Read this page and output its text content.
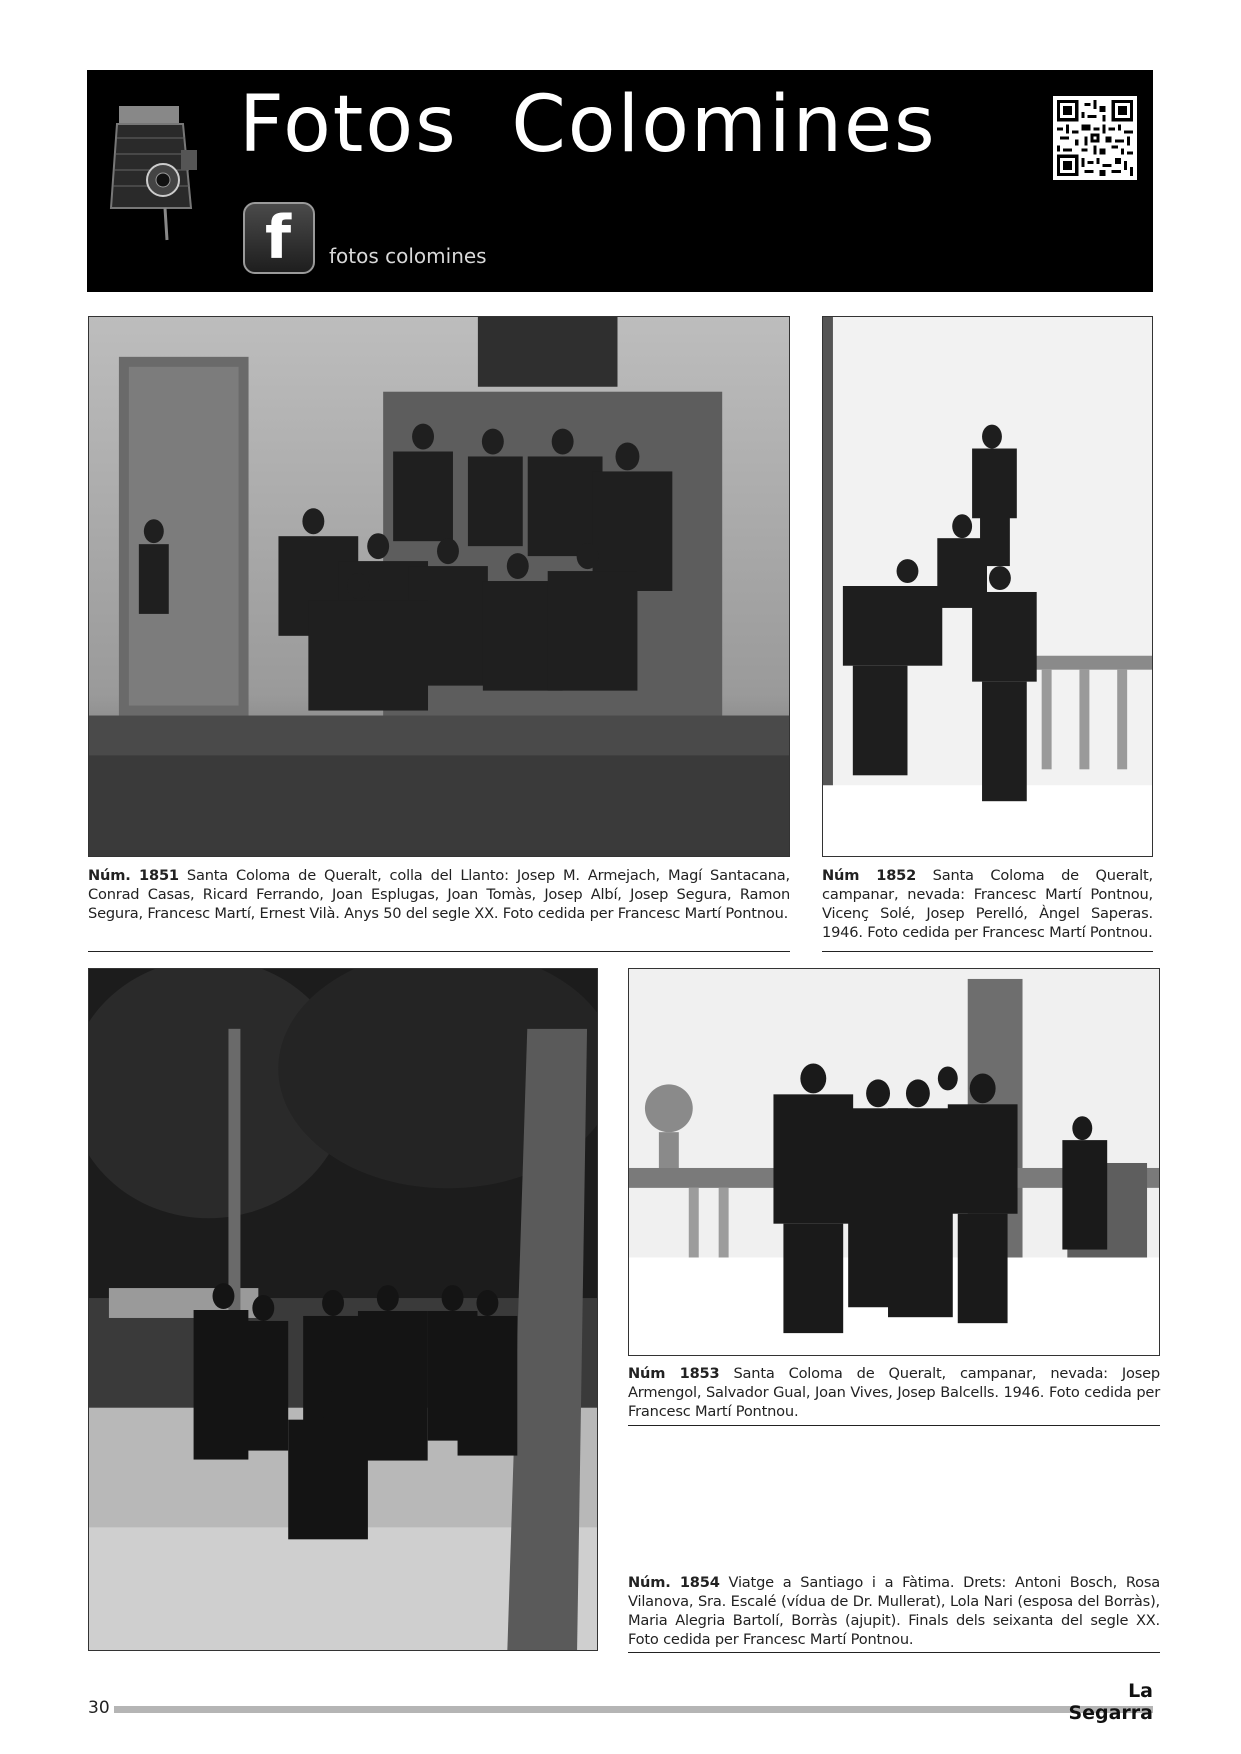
Fotos  Colomines
f fotos colomines
Núm. 1851 Santa Coloma de Queralt, colla del Llanto: Josep M. Armejach, Magí Santacana, Conrad Casas, Ricard Ferrando, Joan Esplugas, Joan Tomàs, Josep Albí, Josep Segura, Ramon Segura, Francesc Martí, Ernest Vilà. Anys 50 del segle XX. Foto cedida per Francesc Martí Pontnou.
Núm 1852 Santa Coloma de Queralt, campanar, nevada: Francesc Martí Pontnou, Vicenç Solé, Josep Perelló, Àngel Saperas. 1946. Foto cedida per Francesc Martí Pontnou.
Núm 1853 Santa Coloma de Queralt, campanar, nevada: Josep Armengol, Salvador Gual, Joan Vives, Josep Balcells. 1946. Foto cedida per Francesc Martí Pontnou.
Núm. 1854 Viatge a Santiago i a Fàtima. Drets: Antoni Bosch, Rosa Vilanova, Sra. Escalé (vídua de Dr. Mullerat), Lola Nari (esposa del Borràs), Maria Alegria Bartolí, Borràs (ajupit). Finals dels seixanta del segle XX. Foto cedida per Francesc Martí Pontnou.
30
La Segarra
